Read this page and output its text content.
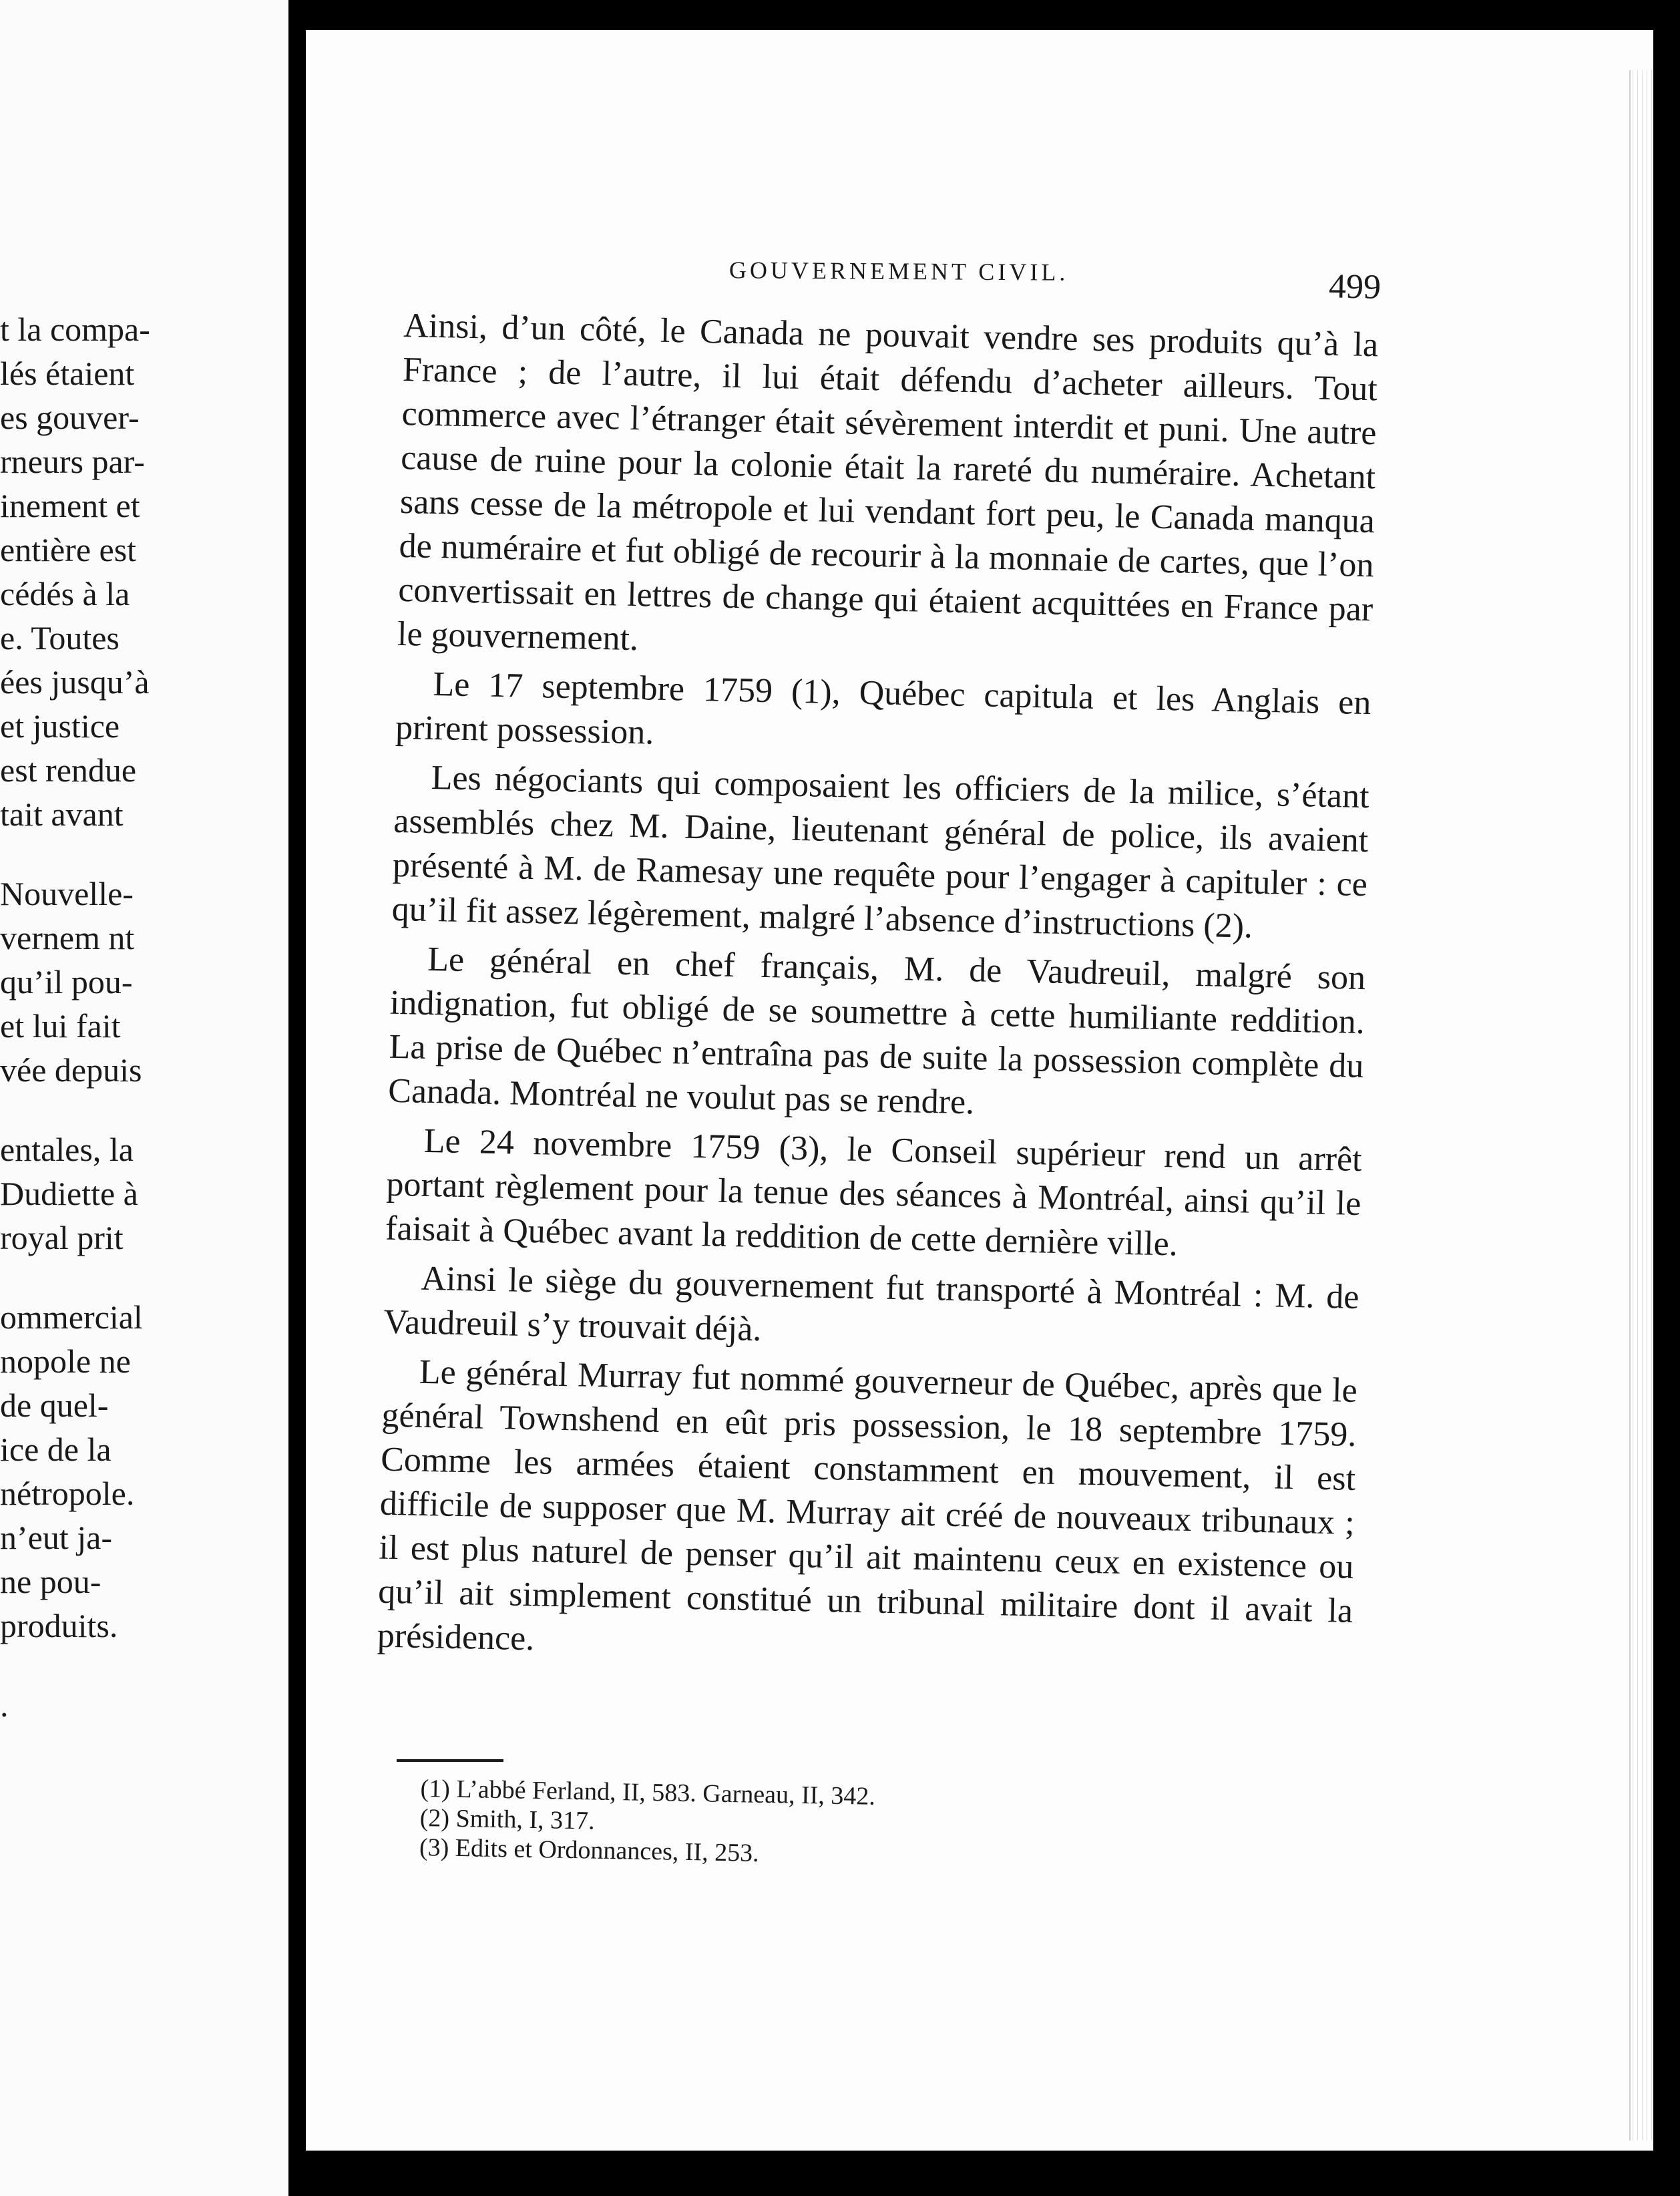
t la compa-
lés étaient
es gouver-
rneurs par-
inement et
entière est
cédés à la
e. Toutes
ées jusqu’à
et justice
est rendue
tait avant
Nouvelle-
vernem nt
qu’il pou-
et lui fait
vée depuis
entales, la
Dudiette à
royal prit
ommercial
nopole ne
de quel-
ice de la
nétropole.
n’eut ja-
ne pou-
produits.
.
GOUVERNEMENT CIVIL.	499

Ainsi, d’un côté, le Canada ne pouvait vendre ses produits qu’à la France ; de l’autre, il lui était défendu d’acheter ailleurs. Tout commerce avec l’étranger était sévèrement interdit et puni. Une autre cause de ruine pour la colonie était la rareté du numéraire. Achetant sans cesse de la métropole et lui vendant fort peu, le Canada manqua de numéraire et fut obligé de recourir à la monnaie de cartes, que l’on convertissait en lettres de change qui étaient acquittées en France par le gouvernement.

Le 17 septembre 1759 (1), Québec capitula et les Anglais en prirent possession.

Les négociants qui composaient les officiers de la milice, s’étant assemblés chez M. Daine, lieutenant général de police, ils avaient présenté à M. de Ramesay une requête pour l’engager à capituler : ce qu’il fit assez légèrement, malgré l’absence d’instructions (2).

Le général en chef français, M. de Vaudreuil, malgré son indignation, fut obligé de se soumettre à cette humiliante reddition. La prise de Québec n’entraîna pas de suite la possession complète du Canada. Montréal ne voulut pas se rendre.

Le 24 novembre 1759 (3), le Conseil supérieur rend un arrêt portant règlement pour la tenue des séances à Montréal, ainsi qu’il le faisait à Québec avant la reddition de cette dernière ville.

Ainsi le siège du gouvernement fut transporté à Montréal : M. de Vaudreuil s’y trouvait déjà.

Le général Murray fut nommé gouverneur de Québec, après que le général Townshend en eût pris possession, le 18 septembre 1759. Comme les armées étaient constamment en mouvement, il est difficile de supposer que M. Murray ait créé de nouveaux tribunaux ; il est plus naturel de penser qu’il ait maintenu ceux en existence ou qu’il ait simplement constitué un tribunal militaire dont il avait la présidence.

(1) L’abbé Ferland, II, 583. Garneau, II, 342.
(2) Smith, I, 317.
(3) Edits et Ordonnances, II, 253.
